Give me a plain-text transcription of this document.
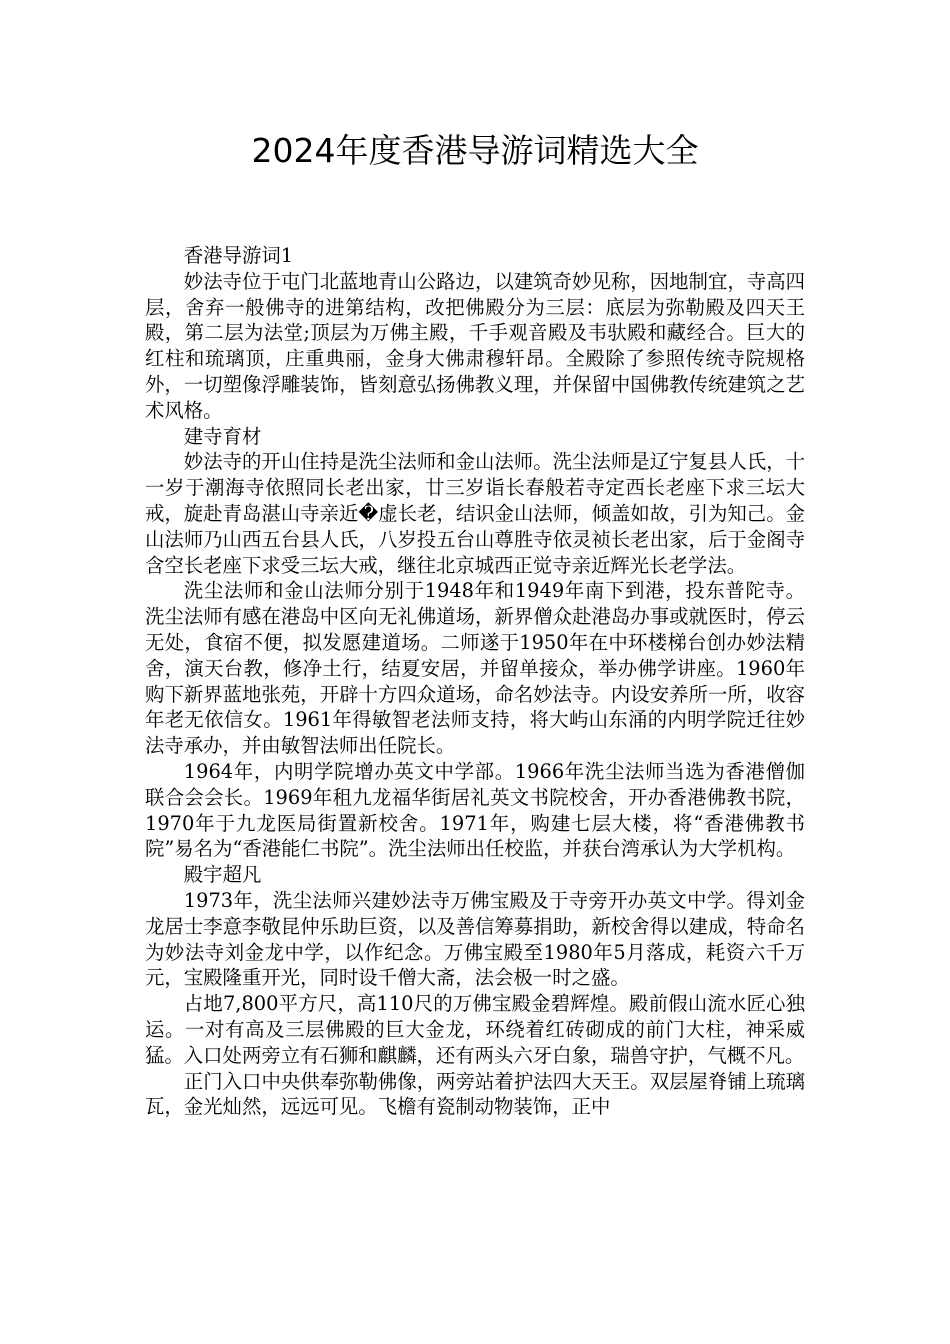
2024年度香港导游词精选大全

香港导游词1

妙法寺位于屯门北蓝地青山公路边，以建筑奇妙见称，因地制宜，寺高四层，舍弃一般佛寺的进第结构，改把佛殿分为三层：底层为弥勒殿及四天王殿，第二层为法堂;顶层为万佛主殿，千手观音殿及韦驮殿和藏经合。巨大的红柱和琉璃顶，庄重典丽，金身大佛肃穆轩昂。全殿除了参照传统寺院规格外，一切塑像浮雕装饰，皆刻意弘扬佛教义理，并保留中国佛教传统建筑之艺术风格。

建寺育材

妙法寺的开山住持是洗尘法师和金山法师。洗尘法师是辽宁复县人氏，十一岁于潮海寺依照同长老出家，廿三岁诣长春般若寺定西长老座下求三坛大戒，旋赴青岛湛山寺亲近�虚长老，结识金山法师，倾盖如故，引为知己。金山法师乃山西五台县人氏，八岁投五台山尊胜寺依灵祯长老出家，后于金阁寺含空长老座下求受三坛大戒，继往北京城西正觉寺亲近辉光长老学法。

洗尘法师和金山法师分别于1948年和1949年南下到港，投东普陀寺。洗尘法师有感在港岛中区向无礼佛道场，新界僧众赴港岛办事或就医时，停云无处，食宿不便，拟发愿建道场。二师遂于1950年在中环楼梯台创办妙法精舍，演天台教，修净土行，结夏安居，并留单接众，举办佛学讲座。1960年购下新界蓝地张苑，开辟十方四众道场，命名妙法寺。内设安养所一所，收容年老无依信女。1961年得敏智老法师支持，将大屿山东涌的内明学院迁往妙法寺承办，并由敏智法师出任院长。

1964年，内明学院增办英文中学部。1966年洗尘法师当选为香港僧伽联合会会长。1969年租九龙福华街居礼英文书院校舍，开办香港佛教书院，1970年于九龙医局街置新校舍。1971年，购建七层大楼，将“香港佛教书院”易名为“香港能仁书院”。洗尘法师出任校监，并获台湾承认为大学机构。

殿宇超凡

1973年，洗尘法师兴建妙法寺万佛宝殿及于寺旁开办英文中学。得刘金龙居士李意李敬昆仲乐助巨资，以及善信筹募捐助，新校舍得以建成，特命名为妙法寺刘金龙中学，以作纪念。万佛宝殿至1980年5月落成，耗资六千万元，宝殿隆重开光，同时设千僧大斋，法会极一时之盛。

占地7,800平方尺，高110尺的万佛宝殿金碧辉煌。殿前假山流水匠心独运。一对有高及三层佛殿的巨大金龙，环绕着红砖砌成的前门大柱，神采威猛。入口处两旁立有石狮和麒麟，还有两头六牙白象，瑞兽守护，气概不凡。

正门入口中央供奉弥勒佛像，两旁站着护法四大天王。双层屋脊铺上琉璃瓦，金光灿然，远远可见。飞檐有瓷制动物装饰，正中
